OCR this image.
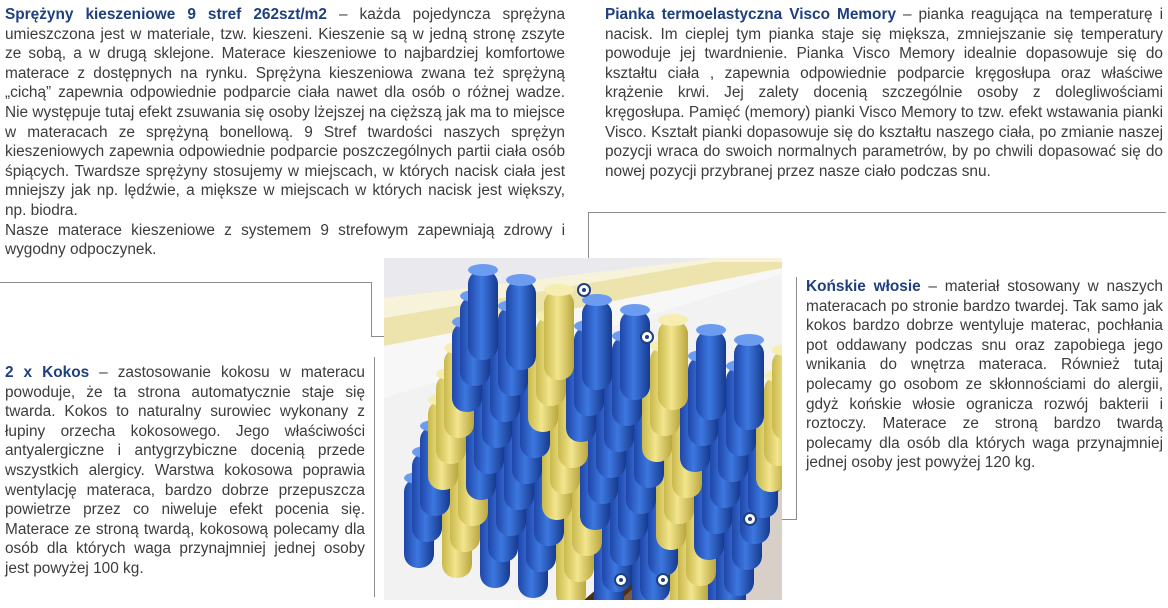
Sprężyny kieszeniowe 9 stref 262szt/m2 – każda pojedyncza sprężyna umieszczona jest w materiale, tzw. kieszeni. Kieszenie są w jedną stronę zszyte ze sobą, a w drugą sklejone. Materace kieszeniowe to najbardziej komfortowe materace z dostępnych na rynku. Sprężyna kieszeniowa zwana też sprężyną „cichą” zapewnia odpowiednie podparcie ciała nawet dla osób o różnej wadze. Nie występuje tutaj efekt zsuwania się osoby lżejszej na cięższą jak ma to miejsce w materacach ze sprężyną bonellową. 9 Stref twardości naszych sprężyn kieszeniowych zapewnia odpowiednie podparcie poszczególnych partii ciała osób śpiących. Twardsze sprężyny stosujemy w miejscach, w których nacisk ciała jest mniejszy jak np. lędźwie, a miększe w miejscach w których nacisk jest większy, np. biodra.

Nasze materace kieszeniowe z systemem 9 strefowym zapewniają zdrowy i wygodny odpoczynek.

Pianka termoelastyczna Visco Memory – pianka reagująca na temperaturę i nacisk. Im cieplej tym pianka staje się miększa, zmniejszanie się temperatury powoduje jej twardnienie. Pianka Visco Memory idealnie dopasowuje się do kształtu ciała , zapewnia odpowiednie podparcie kręgosłupa oraz właściwe krążenie krwi. Jej zalety docenią szczególnie osoby z dolegliwościami kręgosłupa. Pamięć (memory) pianki Visco Memory to tzw. efekt wstawania pianki Visco. Kształt pianki dopasowuje się do kształtu naszego ciała, po zmianie naszej pozycji wraca do swoich normalnych parametrów, by po chwili dopasować się do nowej pozycji przybranej przez nasze ciało podczas snu.

Końskie włosie – materiał stosowany w naszych materacach po stronie bardzo twardej. Tak samo jak kokos bardzo dobrze wentyluje materac, pochłania pot oddawany podczas snu oraz zapobiega jego wnikania do wnętrza materaca. Również tutaj polecamy go osobom ze skłonnościami do alergii, gdyż końskie włosie ogranicza rozwój bakterii i roztoczy. Materace ze stroną bardzo twardą polecamy dla osób dla których waga przynajmniej jednej osoby jest powyżej 120 kg.

2 x Kokos – zastosowanie kokosu w materacu powoduje, że ta strona automatycznie staje się twarda. Kokos to naturalny surowiec wykonany z łupiny orzecha kokosowego. Jego właściwości antyalergiczne i antygrzybiczne docenią przede wszystkich alergicy. Warstwa kokosowa poprawia wentylację materaca, bardzo dobrze przepuszcza powietrze przez co niweluje efekt pocenia się. Materace ze stroną twardą, kokosową polecamy dla osób dla których waga przynajmniej jednej osoby jest powyżej 100 kg.
